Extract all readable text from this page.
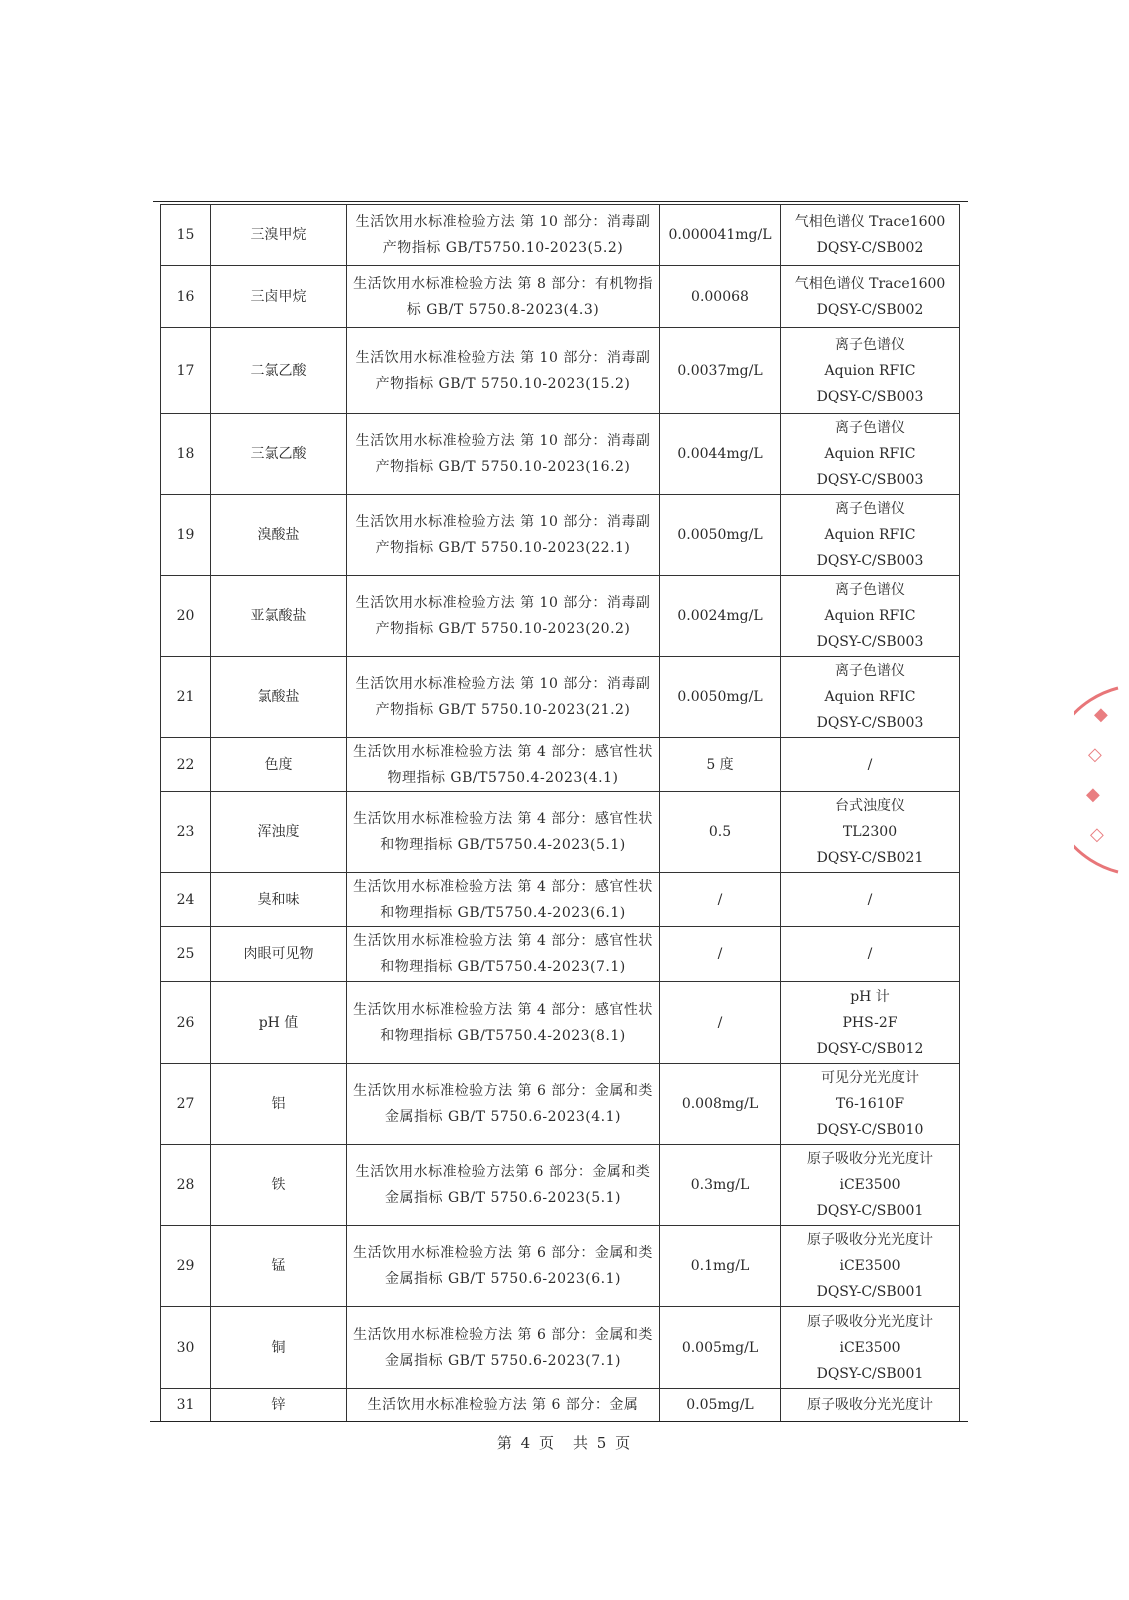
15	三溴甲烷	生活饮用水标准检验方法 第 10 部分：消毒副产物指标 GB/T5750.10-2023(5.2)	0.000041mg/L	气相色谱仪 Trace1600
DQSY-C/SB002

16	三卤甲烷	生活饮用水标准检验方法 第 8 部分：有机物指标 GB/T 5750.8-2023(4.3)	0.00068	气相色谱仪 Trace1600
DQSY-C/SB002

17	二氯乙酸	生活饮用水标准检验方法 第 10 部分：消毒副产物指标 GB/T 5750.10-2023(15.2)	0.0037mg/L	离子色谱仪
Aquion RFIC
DQSY-C/SB003

18	三氯乙酸	生活饮用水标准检验方法 第 10 部分：消毒副产物指标 GB/T 5750.10-2023(16.2)	0.0044mg/L	离子色谱仪
Aquion RFIC
DQSY-C/SB003

19	溴酸盐	生活饮用水标准检验方法 第 10 部分：消毒副产物指标 GB/T 5750.10-2023(22.1)	0.0050mg/L	离子色谱仪
Aquion RFIC
DQSY-C/SB003

20	亚氯酸盐	生活饮用水标准检验方法 第 10 部分：消毒副产物指标 GB/T 5750.10-2023(20.2)	0.0024mg/L	离子色谱仪
Aquion RFIC
DQSY-C/SB003

21	氯酸盐	生活饮用水标准检验方法 第 10 部分：消毒副产物指标 GB/T 5750.10-2023(21.2)	0.0050mg/L	离子色谱仪
Aquion RFIC
DQSY-C/SB003

22	色度	生活饮用水标准检验方法 第 4 部分：感官性状物理指标 GB/T5750.4-2023(4.1)	5 度	/

23	浑浊度	生活饮用水标准检验方法 第 4 部分：感官性状和物理指标 GB/T5750.4-2023(5.1)	0.5	台式浊度仪
TL2300
DQSY-C/SB021

24	臭和味	生活饮用水标准检验方法 第 4 部分：感官性状和物理指标 GB/T5750.4-2023(6.1)	/	/

25	肉眼可见物	生活饮用水标准检验方法 第 4 部分：感官性状和物理指标 GB/T5750.4-2023(7.1)	/	/

26	pH 值	生活饮用水标准检验方法 第 4 部分：感官性状和物理指标 GB/T5750.4-2023(8.1)	/	pH 计
PHS-2F
DQSY-C/SB012

27	铝	生活饮用水标准检验方法 第 6 部分：金属和类金属指标 GB/T 5750.6-2023(4.1)	0.008mg/L	可见分光光度计
T6-1610F
DQSY-C/SB010

28	铁	生活饮用水标准检验方法第 6 部分：金属和类金属指标 GB/T 5750.6-2023(5.1)	0.3mg/L	原子吸收分光光度计
iCE3500
DQSY-C/SB001

29	锰	生活饮用水标准检验方法 第 6 部分：金属和类金属指标 GB/T 5750.6-2023(6.1)	0.1mg/L	原子吸收分光光度计
iCE3500
DQSY-C/SB001

30	铜	生活饮用水标准检验方法 第 6 部分：金属和类金属指标 GB/T 5750.6-2023(7.1)	0.005mg/L	原子吸收分光光度计
iCE3500
DQSY-C/SB001

31	锌	生活饮用水标准检验方法 第 6 部分：金属	0.05mg/L	原子吸收分光光度计
第 4 页　共 5 页
◆
◇
◆
◇
